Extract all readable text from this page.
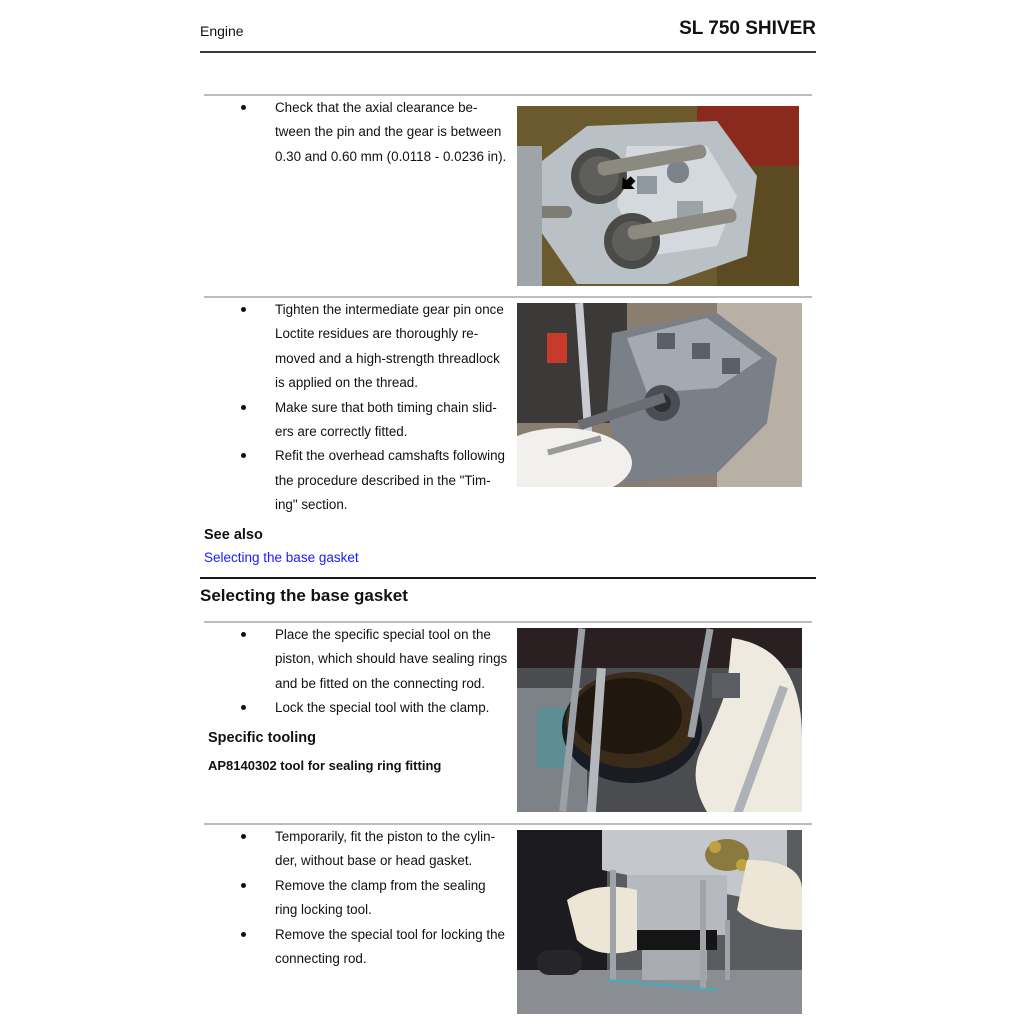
Engine	SL 750 SHIVER
Check that the axial clearance be-
tween the pin and the gear is between
0.30 and 0.60 mm (0.0118 - 0.0236 in).
Tighten the intermediate gear pin once
Loctite residues are thoroughly re-
moved and a high-strength threadlock
is applied on the thread.
Make sure that both timing chain slid-
ers are correctly fitted.
Refit the overhead camshafts following
the procedure described in the "Tim-
ing" section.
See also
Selecting the base gasket
Selecting the base gasket
Place the specific special tool on the
piston, which should have sealing rings
and be fitted on the connecting rod.
Lock the special tool with the clamp.
Specific tooling
AP8140302 tool for sealing ring fitting
Temporarily, fit the piston to the cylin-
der, without base or head gasket.
Remove the clamp from the sealing
ring locking tool.
Remove the special tool for locking the
connecting rod.
